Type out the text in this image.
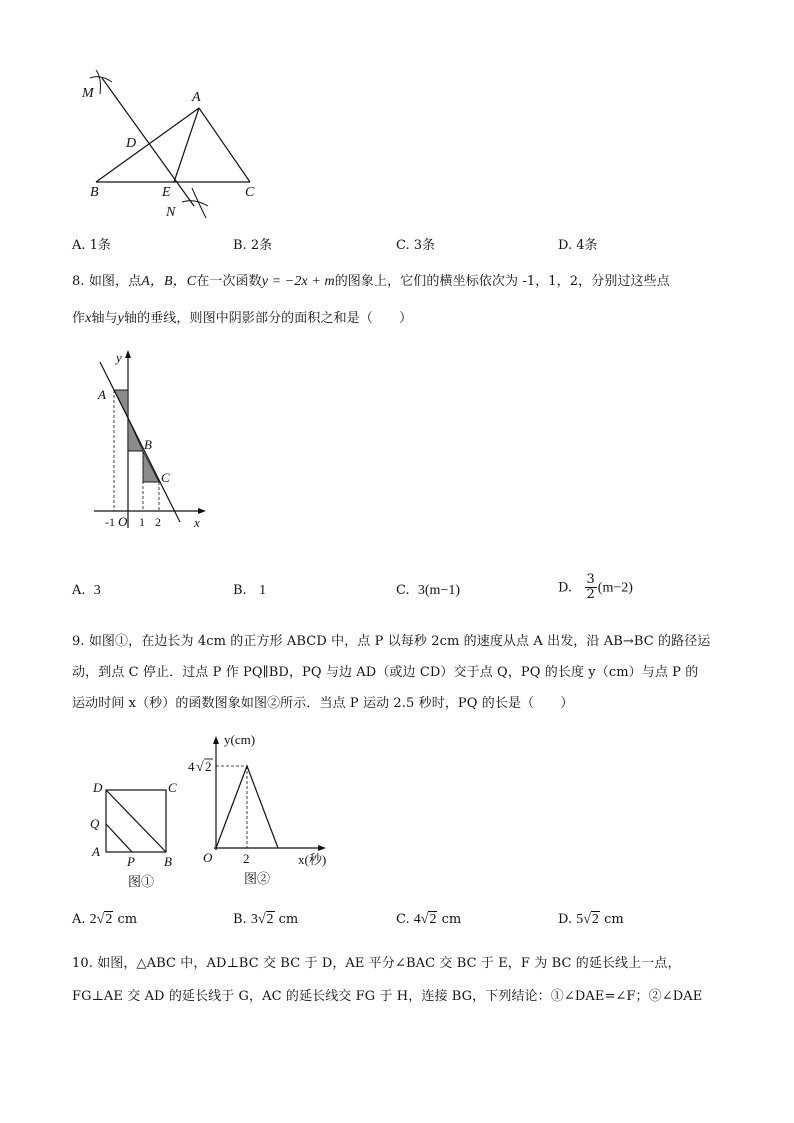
M	A
D
B	E	C
N
A. 1条	B. 2条	C. 3条	D. 4条
8. 如图，点A，B，C在一次函数y = −2x + m的图象上，它们的横坐标依次为 -1，1，2，分别过这些点
作x轴与y轴的垂线，则图中阴影部分的面积之和是（　　）
y
x
A
B
C
O
-1 1 2
A. 3	B. 1	C. 3(m−1)	D. $\frac{3}{2} (m-2)$
9. 如图①，在边长为 4cm 的正方形 ABCD 中，点 P 以每秒 2cm 的速度从点 A 出发，沿 AB→BC 的路径运
动，到点 C 停止．过点 P 作 PQ∥BD，PQ 与边 AD（或边 CD）交于点 Q，PQ 的长度 y（cm）与点 P 的
运动时间 x（秒）的函数图象如图②所示．当点 P 运动 2.5 秒时，PQ 的长是（　　）
D	C
Q
A
P B
图①
y(cm)
4 √ 2
O 2	x(秒)
图②
A. 2 √ 2 cm	B. 3 √ 2 cm	C. 4 √ 2 cm	D. 5 √ 2 cm
10. 如图，△ABC 中，AD⊥BC 交 BC 于 D，AE 平分∠BAC 交 BC 于 E，F 为 BC 的延长线上一点，
FG⊥AE 交 AD 的延长线于 G，AC 的延长线交 FG 于 H，连接 BG，下列结论：①∠DAE=∠F；②∠DAE
